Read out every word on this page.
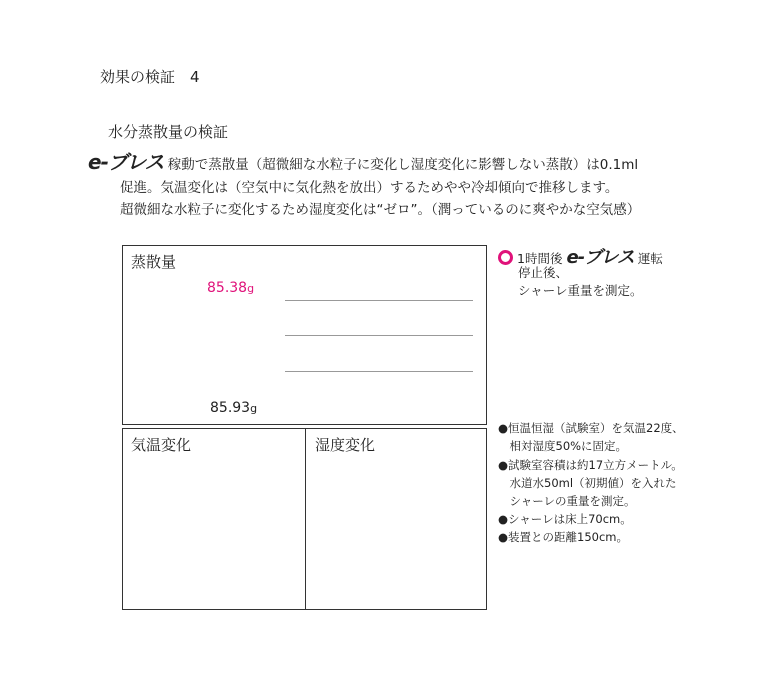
効果の検証　4
水分蒸散量の検証
e-ブレス 稼動で蒸散量（超微細な水粒子に変化し湿度変化に影響しない蒸散）は0.1ml
促進。気温変化は（空気中に気化熱を放出）するためやや冷却傾向で推移します。
超微細な水粒子に変化するため湿度変化は“ゼロ”。（潤っているのに爽やかな空気感）
蒸散量
85.38g
85.93g
気温変化	湿度変化
1時間後 e-ブレス 運転
停止後、
シャーレ重量を測定。
●恒温恒湿（試験室）を気温22度、
　相対湿度50%に固定。
●試験室容積は約17立方メートル。
　水道水50ml（初期値）を入れた
　シャーレの重量を測定。
●シャーレは床上70cm。
●装置との距離150cm。
